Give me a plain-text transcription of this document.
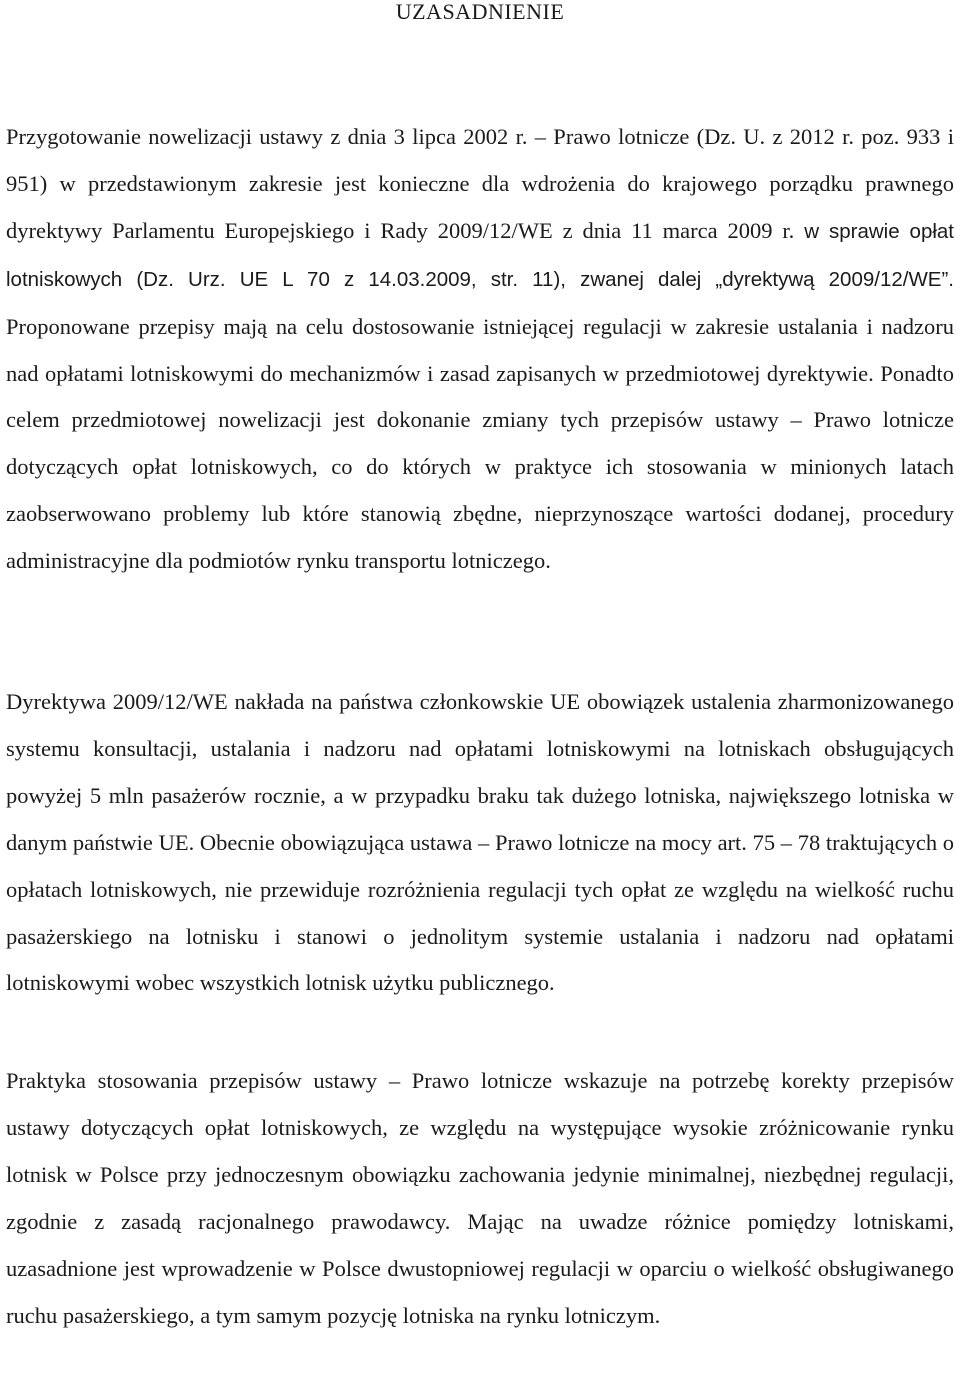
UZASADNIENIE

Przygotowanie nowelizacji ustawy z dnia 3 lipca 2002 r. – Prawo lotnicze (Dz. U. z 2012 r. poz. 933 i 951) w przedstawionym zakresie jest konieczne dla wdrożenia do krajowego porządku prawnego dyrektywy Parlamentu Europejskiego i Rady 2009/12/WE z dnia 11 marca 2009 r. w sprawie opłat lotniskowych (Dz. Urz. UE L 70 z 14.03.2009, str. 11), zwanej dalej „dyrektywą 2009/12/WE”. Proponowane przepisy mają na celu dostosowanie istniejącej regulacji w zakresie ustalania i nadzoru nad opłatami lotniskowymi do mechanizmów i zasad zapisanych w przedmiotowej dyrektywie. Ponadto celem przedmiotowej nowelizacji jest dokonanie zmiany tych przepisów ustawy – Prawo lotnicze dotyczących opłat lotniskowych, co do których w praktyce ich stosowania w minionych latach zaobserwowano problemy lub które stanowią zbędne, nieprzynoszące wartości dodanej, procedury administracyjne dla podmiotów rynku transportu lotniczego.

Dyrektywa 2009/12/WE nakłada na państwa członkowskie UE obowiązek ustalenia zharmonizowanego systemu konsultacji, ustalania i nadzoru nad opłatami lotniskowymi na lotniskach obsługujących powyżej 5 mln pasażerów rocznie, a w przypadku braku tak dużego lotniska, największego lotniska w danym państwie UE. Obecnie obowiązująca ustawa – Prawo lotnicze na mocy art. 75 – 78 traktujących o opłatach lotniskowych, nie przewiduje rozróżnienia regulacji tych opłat ze względu na wielkość ruchu pasażerskiego na lotnisku i stanowi o jednolitym systemie ustalania i nadzoru nad opłatami lotniskowymi wobec wszystkich lotnisk użytku publicznego.

Praktyka stosowania przepisów ustawy – Prawo lotnicze wskazuje na potrzebę korekty przepisów ustawy dotyczących opłat lotniskowych, ze względu na występujące wysokie zróżnicowanie rynku lotnisk w Polsce przy jednoczesnym obowiązku zachowania jedynie minimalnej, niezbędnej regulacji, zgodnie z zasadą racjonalnego prawodawcy. Mając na uwadze różnice pomiędzy lotniskami, uzasadnione jest wprowadzenie w Polsce dwustopniowej regulacji w oparciu o wielkość obsługiwanego ruchu pasażerskiego, a tym samym pozycję lotniska na rynku lotniczym.
